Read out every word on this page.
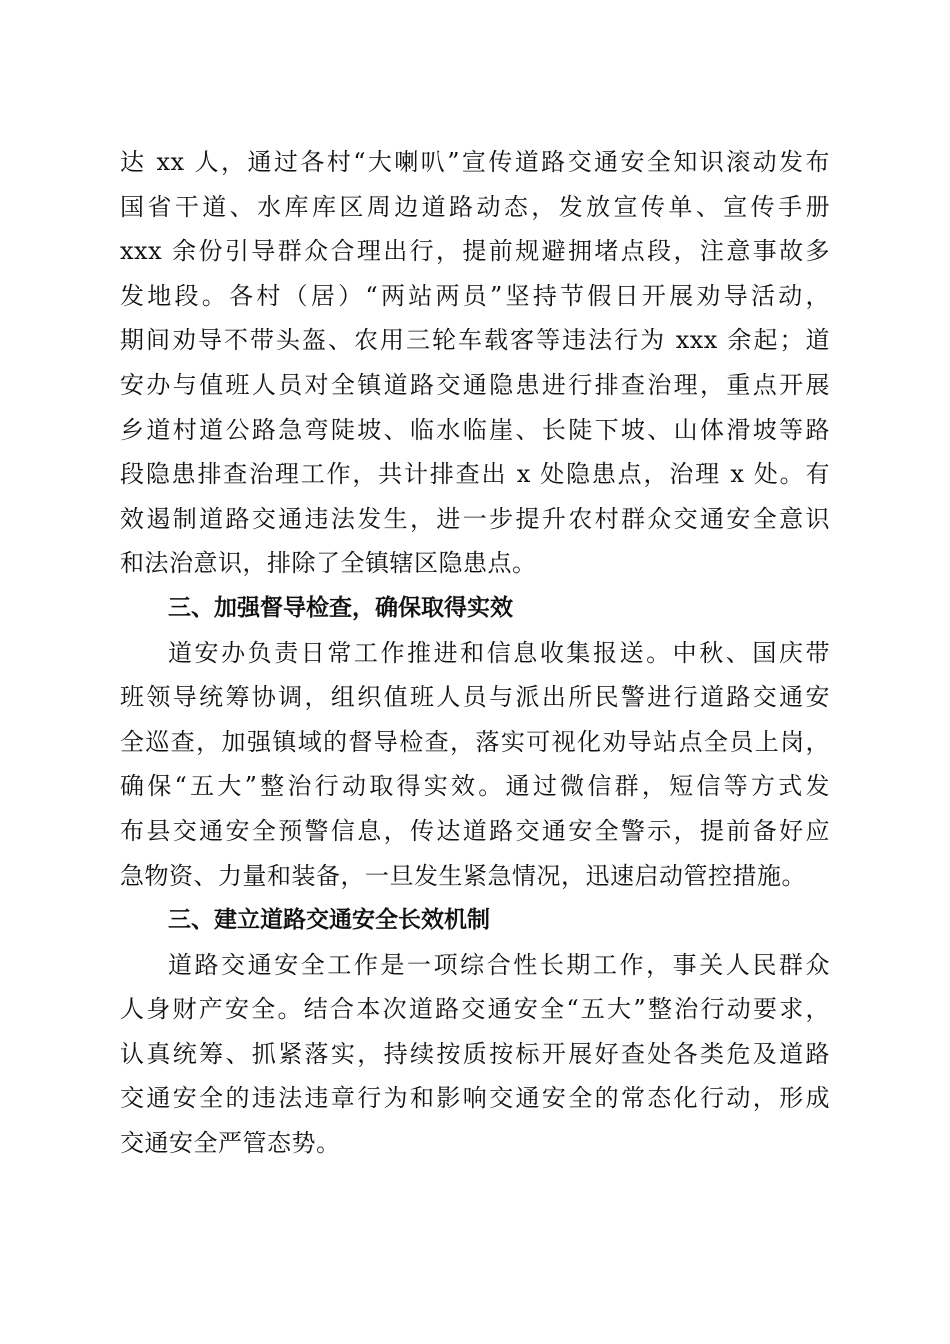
达 xx 人，通过各村“大喇叭”宣传道路交通安全知识滚动发布
国省干道、水库库区周边道路动态，发放宣传单、宣传手册
xxx 余份引导群众合理出行，提前规避拥堵点段，注意事故多
发地段。各村（居）“两站两员”坚持节假日开展劝导活动，
期间劝导不带头盔、农用三轮车载客等违法行为 xxx 余起；道
安办与值班人员对全镇道路交通隐患进行排查治理，重点开展
乡道村道公路急弯陡坡、临水临崖、长陡下坡、山体滑坡等路
段隐患排查治理工作，共计排查出 x 处隐患点，治理 x 处。有
效遏制道路交通违法发生，进一步提升农村群众交通安全意识
和法治意识，排除了全镇辖区隐患点。
三、加强督导检查，确保取得实效
道安办负责日常工作推进和信息收集报送。中秋、国庆带
班领导统筹协调，组织值班人员与派出所民警进行道路交通安
全巡查，加强镇域的督导检查，落实可视化劝导站点全员上岗，
确保“五大”整治行动取得实效。通过微信群，短信等方式发
布县交通安全预警信息，传达道路交通安全警示，提前备好应
急物资、力量和装备，一旦发生紧急情况，迅速启动管控措施。
三、建立道路交通安全长效机制
道路交通安全工作是一项综合性长期工作，事关人民群众
人身财产安全。结合本次道路交通安全“五大”整治行动要求，
认真统筹、抓紧落实，持续按质按标开展好查处各类危及道路
交通安全的违法违章行为和影响交通安全的常态化行动，形成
交通安全严管态势。
